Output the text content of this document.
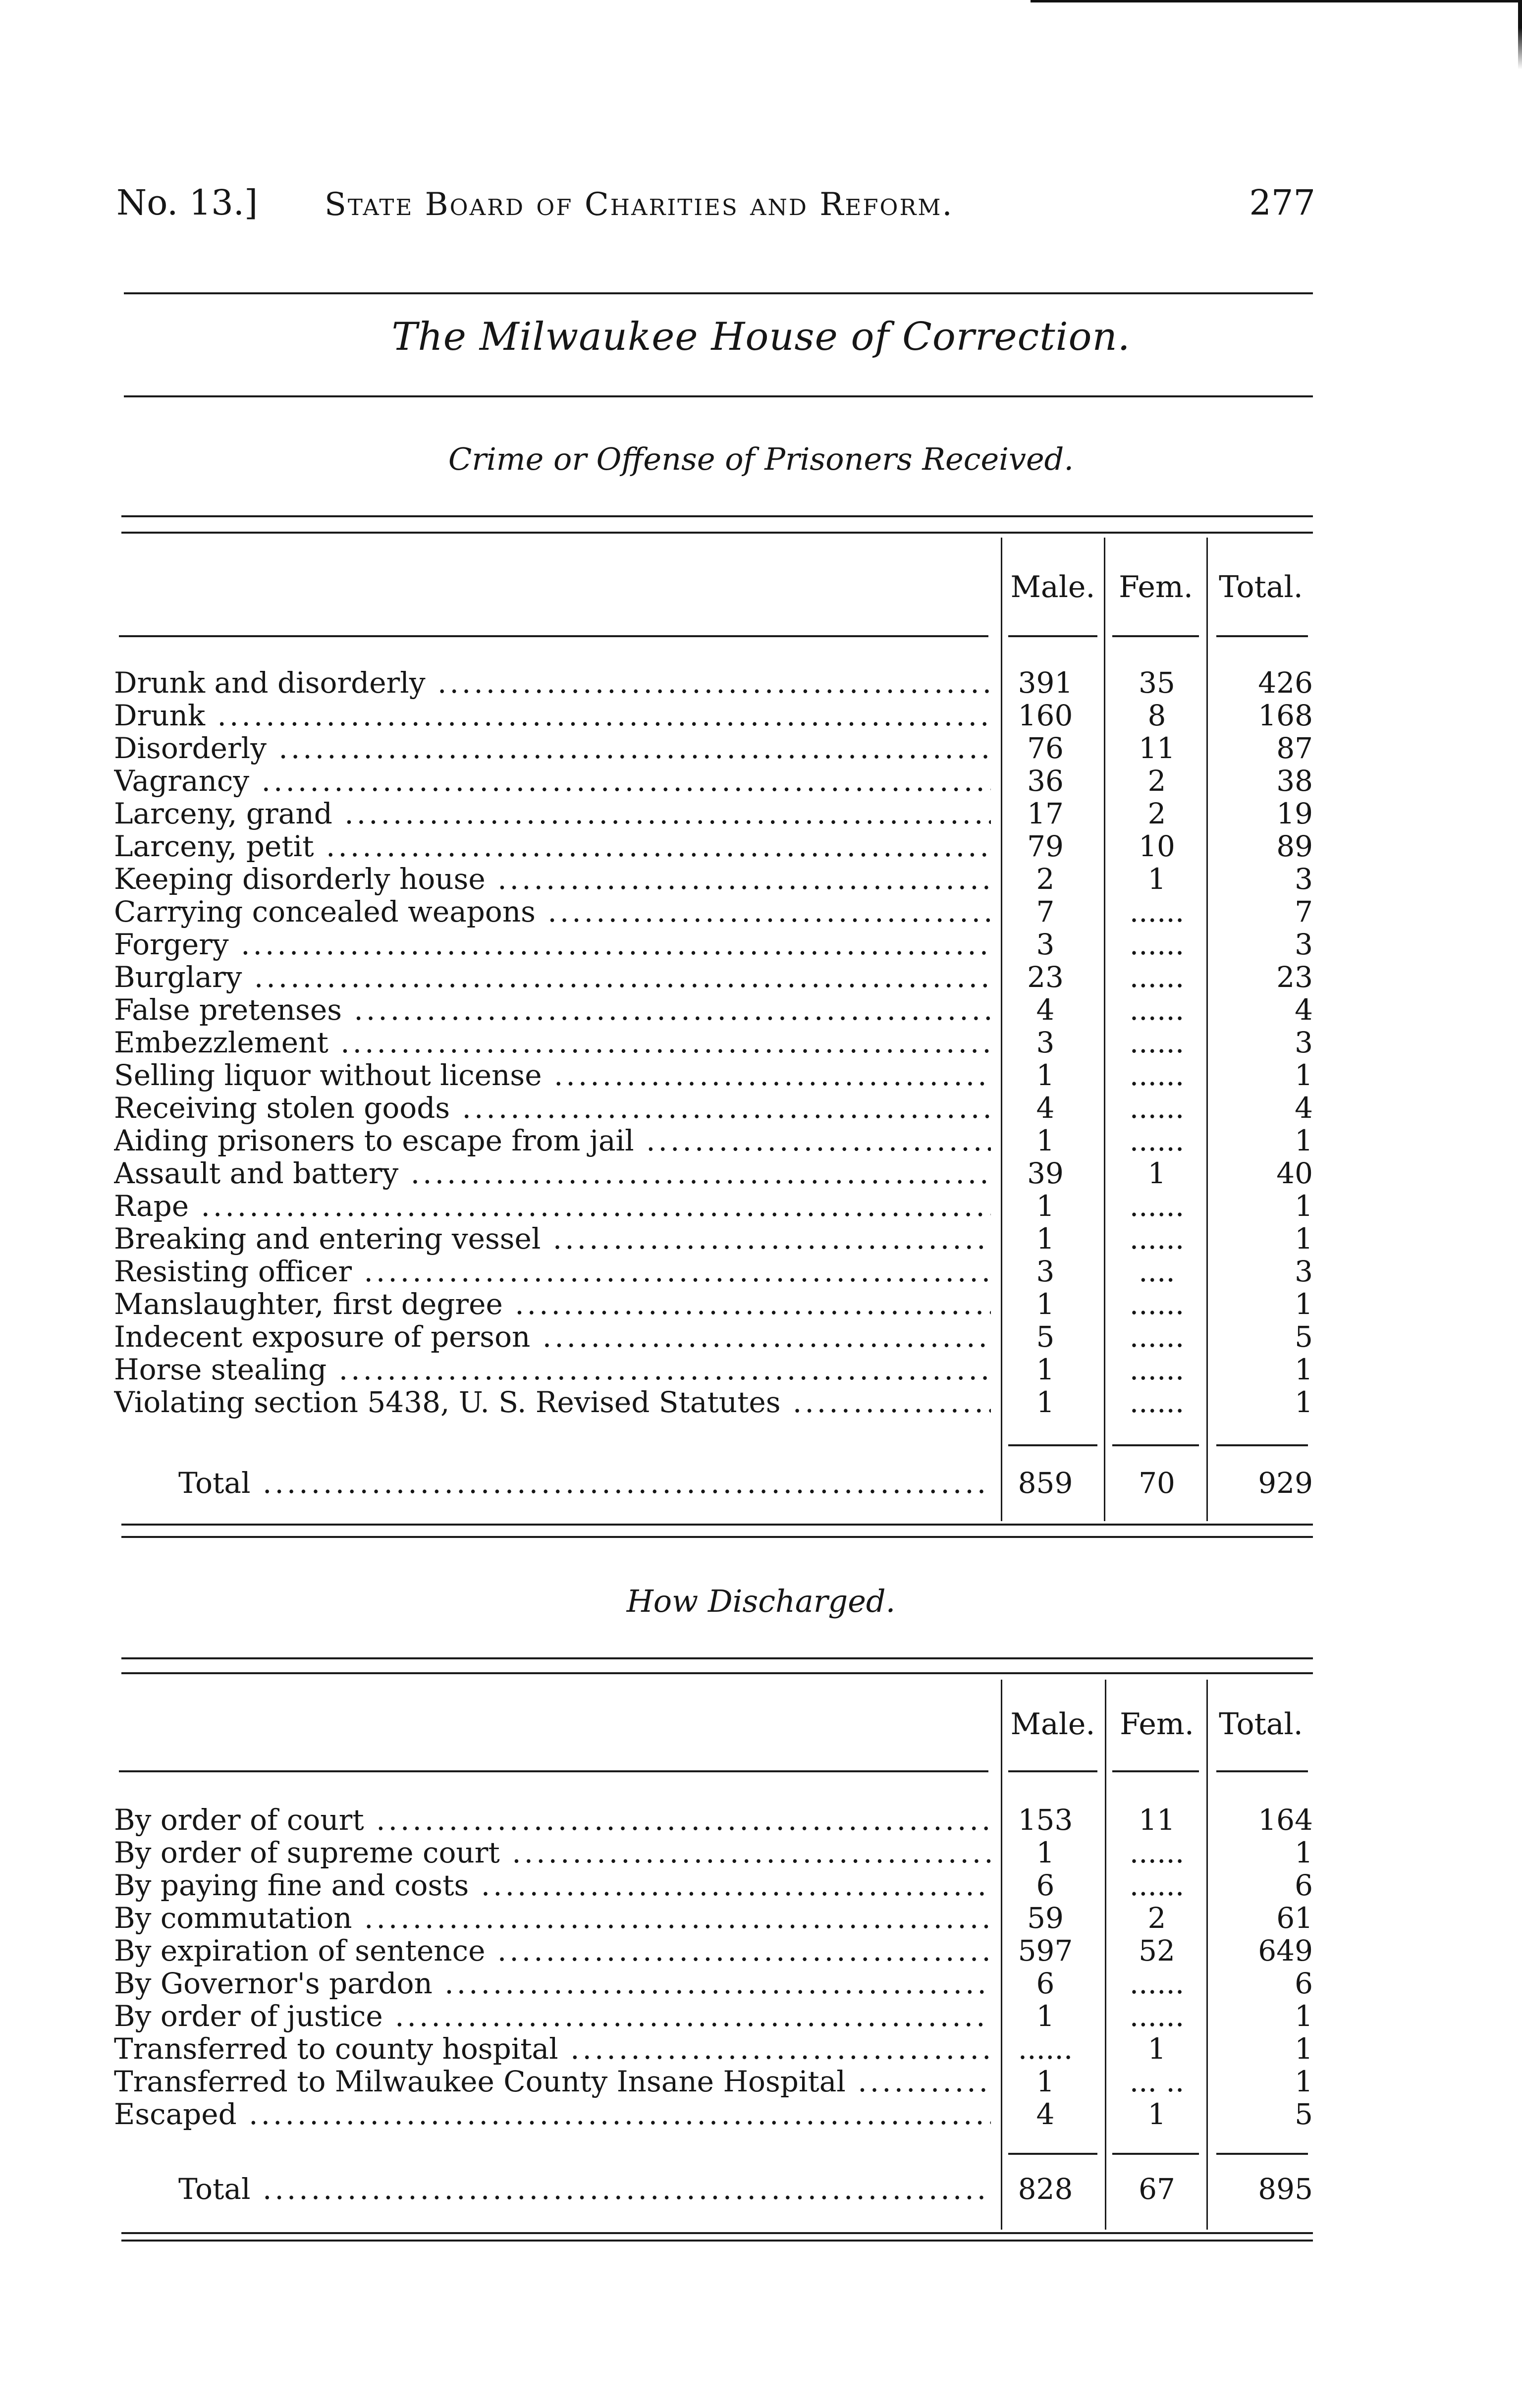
No. 13.] State Board of Charities and Reform.	277
The Milwaukee House of Correction.
Crime or Offense of Prisoners Received.
Male. Fem. Total.
Drunk and disorderly .....	391	35	426
Drunk .....	160	8	168
Disorderly .....	76	11	87
Vagrancy .....	36	2	38
Larceny, grand .....	17	2	19
Larceny, petit .....	79	10	89
Keeping disorderly house .....	2	1	3
Carrying concealed weapons .....	7	......	7
Forgery .....	3	......	3
Burglary .....	23	......	23
False pretenses .....	4	......	4
Embezzlement .....	3	......	3
Selling liquor without license .....	1	......	1
Receiving stolen goods .....	4	......	4
Aiding prisoners to escape from jail .....	1	......	1
Assault and battery .....	39	1	40
Rape .....	1	......	1
Breaking and entering vessel .....	1	......	1
Resisting officer .....	3	....	3
Manslaughter, first degree .....	1	......	1
Indecent exposure of person .....	5	......	5
Horse stealing .....	1	......	1
Violating section 5438, U. S. Revised Statutes .....	1	......	1
Total .....	859	70	929
How Discharged.
Male. Fem. Total.
By order of court .....	153	11	164
By order of supreme court .....	1	......	1
By paying fine and costs .....	6	......	6
By commutation .....	59	2	61
By expiration of sentence .....	597	52	649
By Governor's pardon .....	6	......	6
By order of justice .....	1	......	1
Transferred to county hospital .....	......	1	1
Transferred to Milwaukee County Insane Hospital .....	1	... ..	1
Escaped .....	4	1	5
Total .....	828	67	895
